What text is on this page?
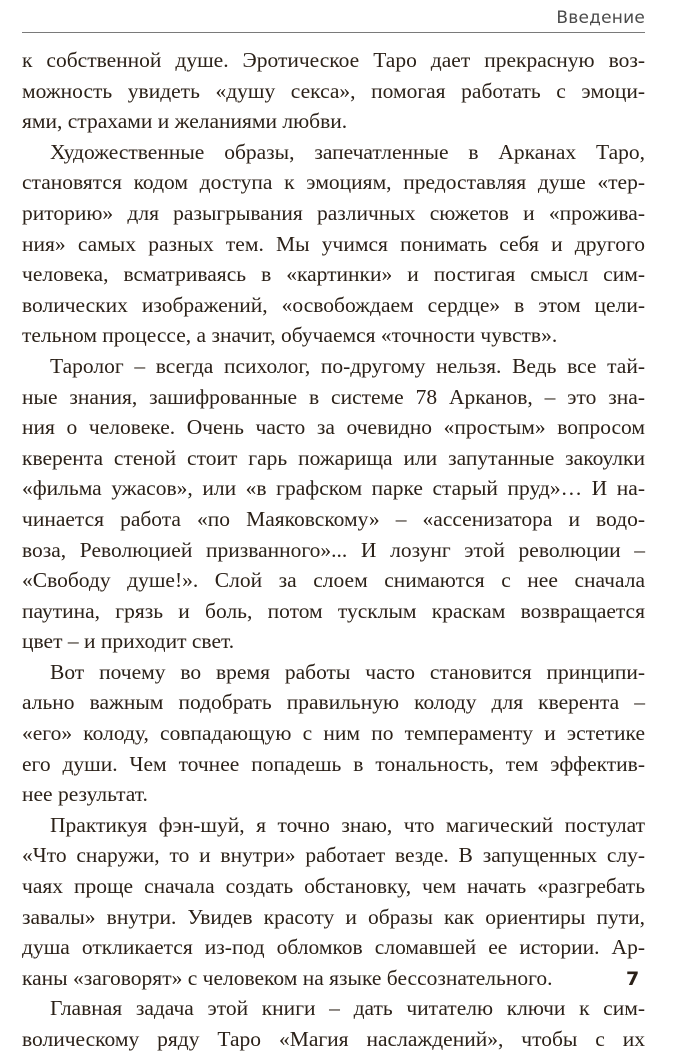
Введение
к собственной душе. Эротическое Таро дает прекрасную воз-
можность увидеть «душу секса», помогая работать с эмоци-
ями, страхами и желаниями любви.
Художественные образы, запечатленные в Арканах Таро,
становятся кодом доступа к эмоциям, предоставляя душе «тер-
риторию» для разыгрывания различных сюжетов и «прожива-
ния» самых разных тем. Мы учимся понимать себя и другого
человека, всматриваясь в «картинки» и постигая смысл сим-
волических изображений, «освобождаем сердце» в этом цели-
тельном процессе, а значит, обучаемся «точности чувств».
Таролог – всегда психолог, по-другому нельзя. Ведь все тай-
ные знания, зашифрованные в системе 78 Арканов, – это зна-
ния о человеке. Очень часто за очевидно «простым» вопросом
кверента стеной стоит гарь пожарища или запутанные закоулки
«фильма ужасов», или «в графском парке старый пруд»… И на-
чинается работа «по Маяковскому» – «ассенизатора и водо-
воза, Революцией призванного»... И лозунг этой революции –
«Свободу душе!». Слой за слоем снимаются с нее сначала
паутина, грязь и боль, потом тусклым краскам возвращается
цвет – и приходит свет.
Вот почему во время работы часто становится принципи-
ально важным подобрать правильную колоду для кверента –
«его» колоду, совпадающую с ним по темпераменту и эстетике
его души. Чем точнее попадешь в тональность, тем эффектив-
нее результат.
Практикуя фэн-шуй, я точно знаю, что магический постулат
«Что снаружи, то и внутри» работает везде. В запущенных слу-
чаях проще сначала создать обстановку, чем начать «разгребать
завалы» внутри. Увидев красоту и образы как ориентиры пути,
душа откликается из-под обломков сломавшей ее истории. Ар-
каны «заговорят» с человеком на языке бессознательного.
Главная задача этой книги – дать читателю ключи к сим-
волическому ряду Таро «Магия наслаждений», чтобы с их
7
